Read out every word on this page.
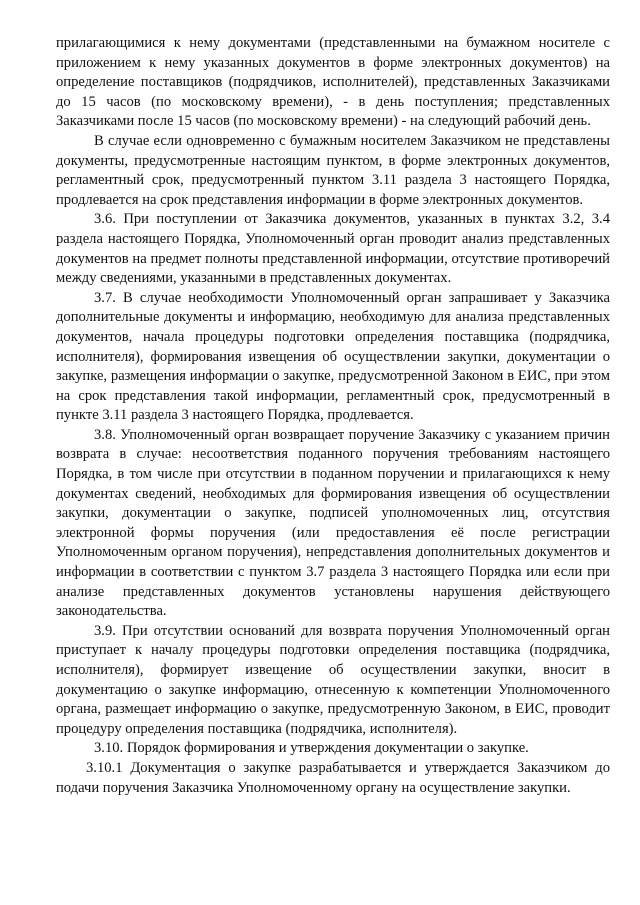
прилагающимися к нему документами (представленными на бумажном носителе с приложением к нему указанных документов в форме электронных документов) на определение поставщиков (подрядчиков, исполнителей), представленных Заказчиками до 15 часов (по московскому времени), - в день поступления; представленных Заказчиками после 15 часов (по московскому времени) - на следующий рабочий день.

В случае если одновременно с бумажным носителем Заказчиком не представлены документы, предусмотренные настоящим пунктом, в форме электронных документов, регламентный срок, предусмотренный пунктом 3.11 раздела 3 настоящего Порядка, продлевается на срок представления информации в форме электронных документов.

3.6. При поступлении от Заказчика документов, указанных в пунктах 3.2, 3.4 раздела настоящего Порядка, Уполномоченный орган проводит анализ представленных документов на предмет полноты представленной информации, отсутствие противоречий между сведениями, указанными в представленных документах.

3.7. В случае необходимости Уполномоченный орган запрашивает у Заказчика дополнительные документы и информацию, необходимую для анализа представленных документов, начала процедуры подготовки определения поставщика (подрядчика, исполнителя), формирования извещения об осуществлении закупки, документации о закупке, размещения информации о закупке, предусмотренной Законом в ЕИС, при этом на срок представления такой информации, регламентный срок, предусмотренный в пункте 3.11 раздела 3 настоящего Порядка, продлевается.

3.8. Уполномоченный орган возвращает поручение Заказчику с указанием причин возврата в случае: несоответствия поданного поручения требованиям настоящего Порядка, в том числе при отсутствии в поданном поручении и прилагающихся к нему документах сведений, необходимых для формирования извещения об осуществлении закупки, документации о закупке, подписей уполномоченных лиц, отсутствия электронной формы поручения (или предоставления её после регистрации Уполномоченным органом поручения), непредставления дополнительных документов и информации в соответствии с пунктом 3.7 раздела 3 настоящего Порядка или если при анализе представленных документов установлены нарушения действующего законодательства.

3.9. При отсутствии оснований для возврата поручения Уполномоченный орган приступает к началу процедуры подготовки определения поставщика (подрядчика, исполнителя), формирует извещение об осуществлении закупки, вносит в документацию о закупке информацию, отнесенную к компетенции Уполномоченного органа, размещает информацию о закупке, предусмотренную Законом, в ЕИС, проводит процедуру определения поставщика (подрядчика, исполнителя).

3.10. Порядок формирования и утверждения документации о закупке.

3.10.1 Документация о закупке разрабатывается и утверждается Заказчиком до подачи поручения Заказчика Уполномоченному органу на осуществление закупки.
